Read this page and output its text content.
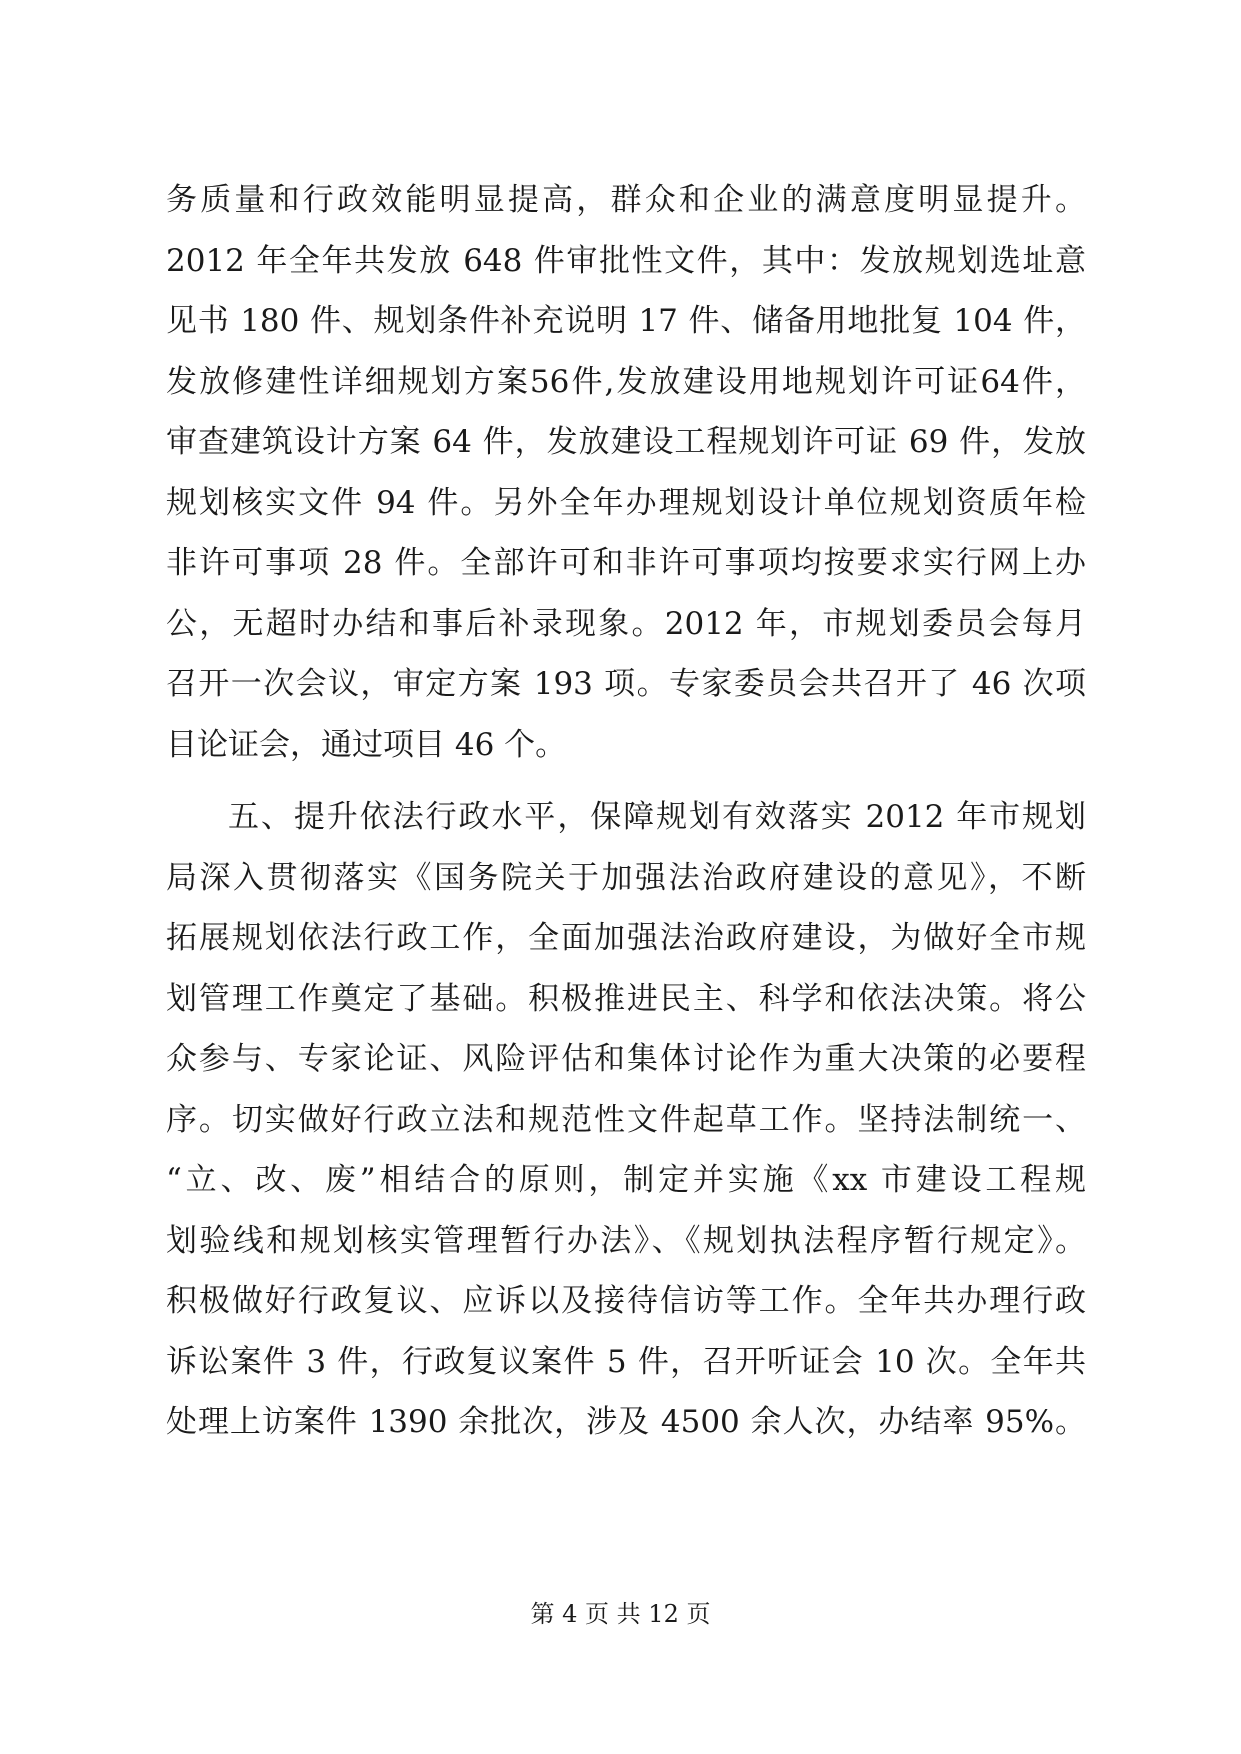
务质量和行政效能明显提高，群众和企业的满意度明显提升。
2012 年全年共发放 648 件审批性文件，其中：发放规划选址意
见书 180 件、规划条件补充说明 17 件、储备用地批复 104 件，
发放修建性详细规划方案56件,发放建设用地规划许可证64件，
审查建筑设计方案 64 件，发放建设工程规划许可证 69 件，发放
规划核实文件 94 件。另外全年办理规划设计单位规划资质年检
非许可事项 28 件。全部许可和非许可事项均按要求实行网上办
公，无超时办结和事后补录现象。2012 年，市规划委员会每月
召开一次会议，审定方案 193 项。专家委员会共召开了 46 次项
目论证会，通过项目 46 个。
五、提升依法行政水平，保障规划有效落实 2012 年市规划
局深入贯彻落实《国务院关于加强法治政府建设的意见》，不断
拓展规划依法行政工作，全面加强法治政府建设，为做好全市规
划管理工作奠定了基础。积极推进民主、科学和依法决策。将公
众参与、专家论证、风险评估和集体讨论作为重大决策的必要程
序。切实做好行政立法和规范性文件起草工作。坚持法制统一、
“立、改、废”相结合的原则，制定并实施《xx 市建设工程规
划验线和规划核实管理暂行办法》、《规划执法程序暂行规定》。
积极做好行政复议、应诉以及接待信访等工作。全年共办理行政
诉讼案件 3 件，行政复议案件 5 件，召开听证会 10 次。全年共
处理上访案件 1390 余批次，涉及 4500 余人次，办结率 95%。
第 4 页 共 12 页
